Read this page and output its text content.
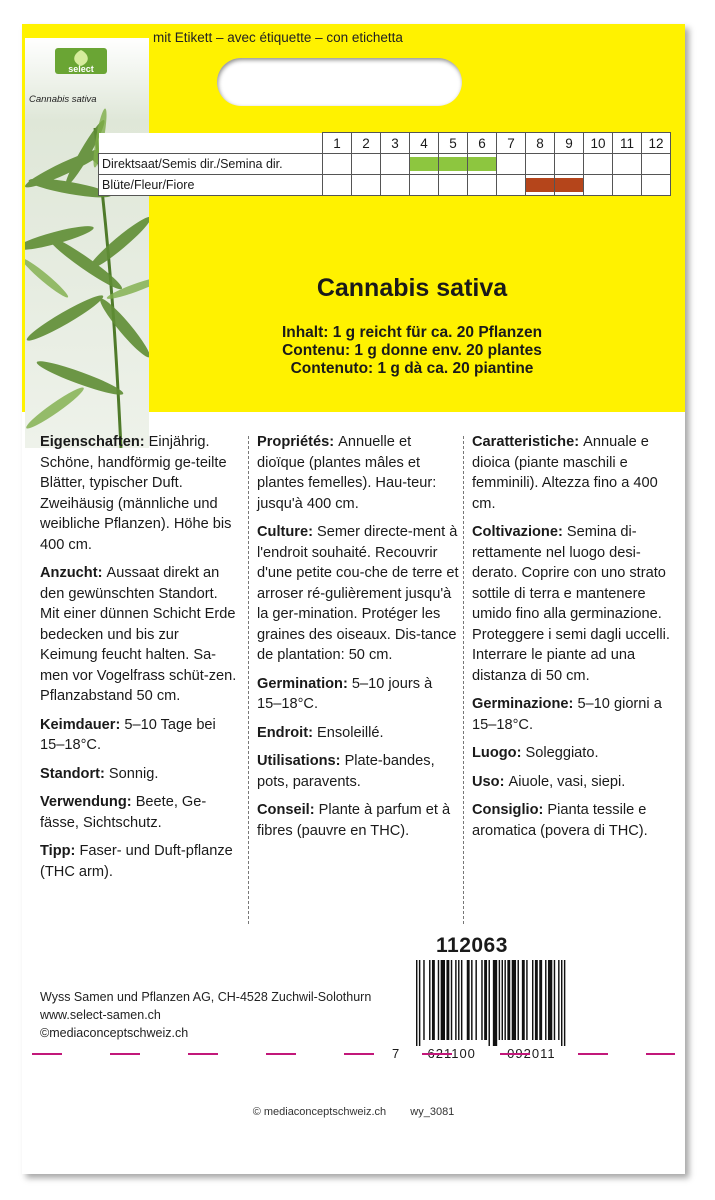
mit Etikett – avec étiquette – con etichetta
select
Cannabis sativa
	1	2	3	4	5	6	7	8	9	10	11	12
Direktsaat/Semis dir./Semina dir.				

Blüte/Fleur/Fiore								

Cannabis sativa
Inhalt: 1 g reicht für ca. 20 Pflanzen
Contenu: 1 g donne env. 20 plantes
Contenuto: 1 g dà ca. 20 piantine

Eigenschaften: Einjährig. Schöne, handförmig ge-teilte Blätter, typischer Duft. Zweihäusig (männliche und weibliche Pflanzen). Höhe bis 400 cm.

Anzucht: Aussaat direkt an den gewünschten Standort. Mit einer dünnen Schicht Erde bedecken und bis zur Keimung feucht halten. Sa-men vor Vogelfrass schüt-zen. Pflanzabstand 50 cm.

Keimdauer: 5–10 Tage bei 15–18°C.

Standort: Sonnig.

Verwendung: Beete, Ge-fässe, Sichtschutz.

Tipp: Faser- und Duft-pflanze (THC arm).

Propriétés: Annuelle et dioïque (plantes mâles et plantes femelles). Hau-teur: jusqu'à 400 cm.

Culture: Semer directe-ment à l'endroit souhaité. Recouvrir d'une petite cou-che de terre et arroser ré-gulièrement jusqu'à la ger-mination. Protéger les graines des oiseaux. Dis-tance de plantation: 50 cm.

Germination: 5–10 jours à 15–18°C.

Endroit: Ensoleillé.

Utilisations: Plate-bandes, pots, paravents.

Conseil: Plante à parfum et à fibres (pauvre en THC).

Caratteristiche: Annuale e dioica (piante maschili e femminili). Altezza fino a 400 cm.

Coltivazione: Semina di-rettamente nel luogo desi-derato. Coprire con uno strato sottile di terra e mantenere umido fino alla germinazione. Proteggere i semi dagli uccelli. Interrare le piante ad una distanza di 50 cm.

Germinazione: 5–10 giorni a 15–18°C.

Luogo: Soleggiato.

Uso: Aiuole, vasi, siepi.

Consiglio: Pianta tessile e aromatica (povera di THC).

112063
7 621100 092011
Wyss Samen und Pflanzen AG, CH-4528 Zuchwil-Solothurn
www.select-samen.ch
©mediaconceptschweiz.ch
© mediaconceptschweiz.ch wy_3081
